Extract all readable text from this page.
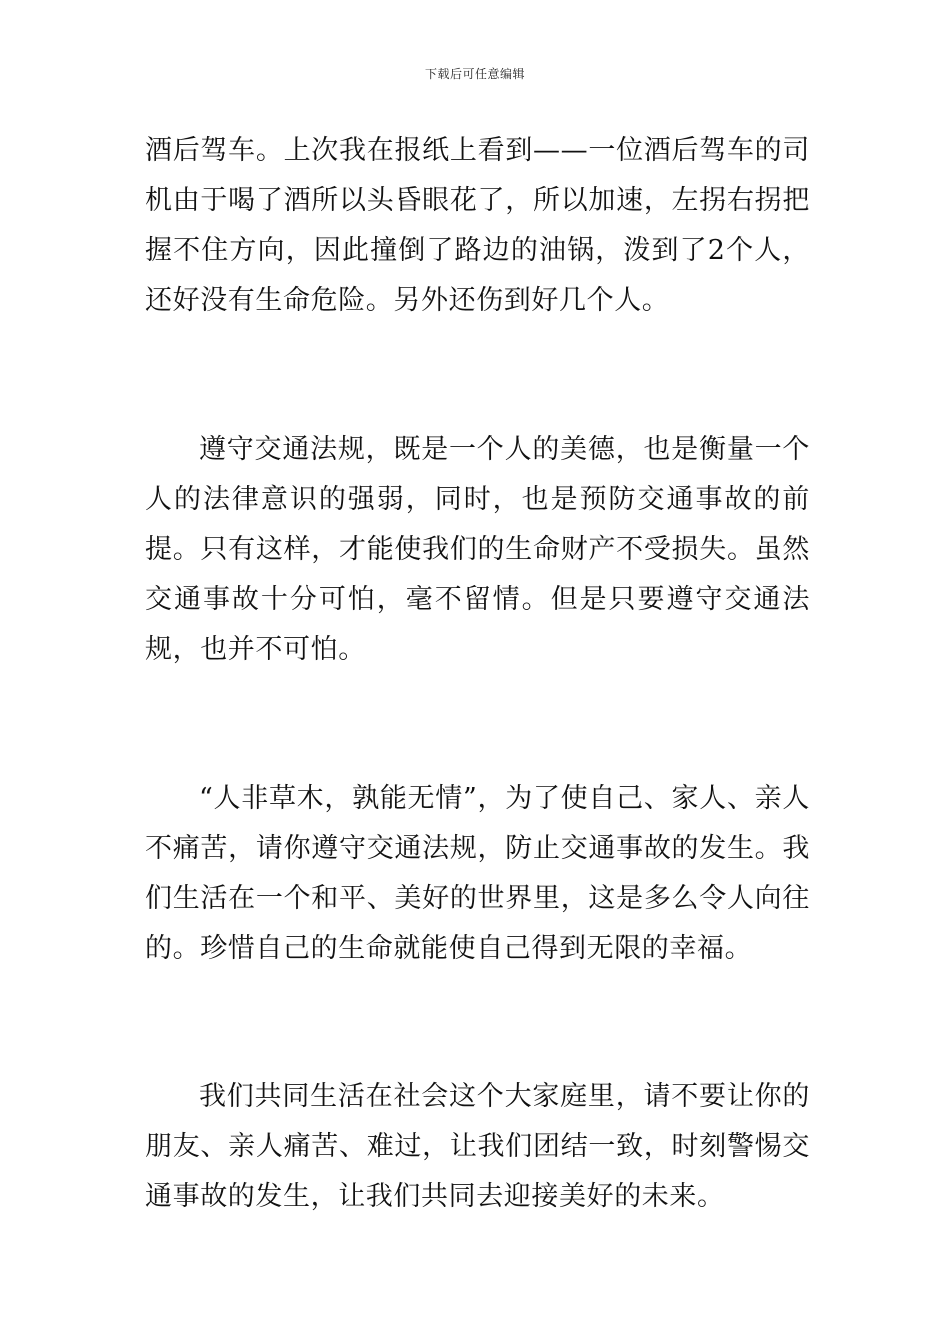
下载后可任意编辑

酒后驾车。上次我在报纸上看到——一位酒后驾车的司机由于喝了酒所以头昏眼花了，所以加速，左拐右拐把握不住方向，因此撞倒了路边的油锅，泼到了2个人，还好没有生命危险。另外还伤到好几个人。

遵守交通法规，既是一个人的美德，也是衡量一个人的法律意识的强弱，同时，也是预防交通事故的前提。只有这样，才能使我们的生命财产不受损失。虽然交通事故十分可怕，毫不留情。但是只要遵守交通法规，也并不可怕。

“人非草木，孰能无情”，为了使自己、家人、亲人不痛苦，请你遵守交通法规，防止交通事故的发生。我们生活在一个和平、美好的世界里，这是多么令人向往的。珍惜自己的生命就能使自己得到无限的幸福。

我们共同生活在社会这个大家庭里，请不要让你的朋友、亲人痛苦、难过，让我们团结一致，时刻警惕交通事故的发生，让我们共同去迎接美好的未来。
